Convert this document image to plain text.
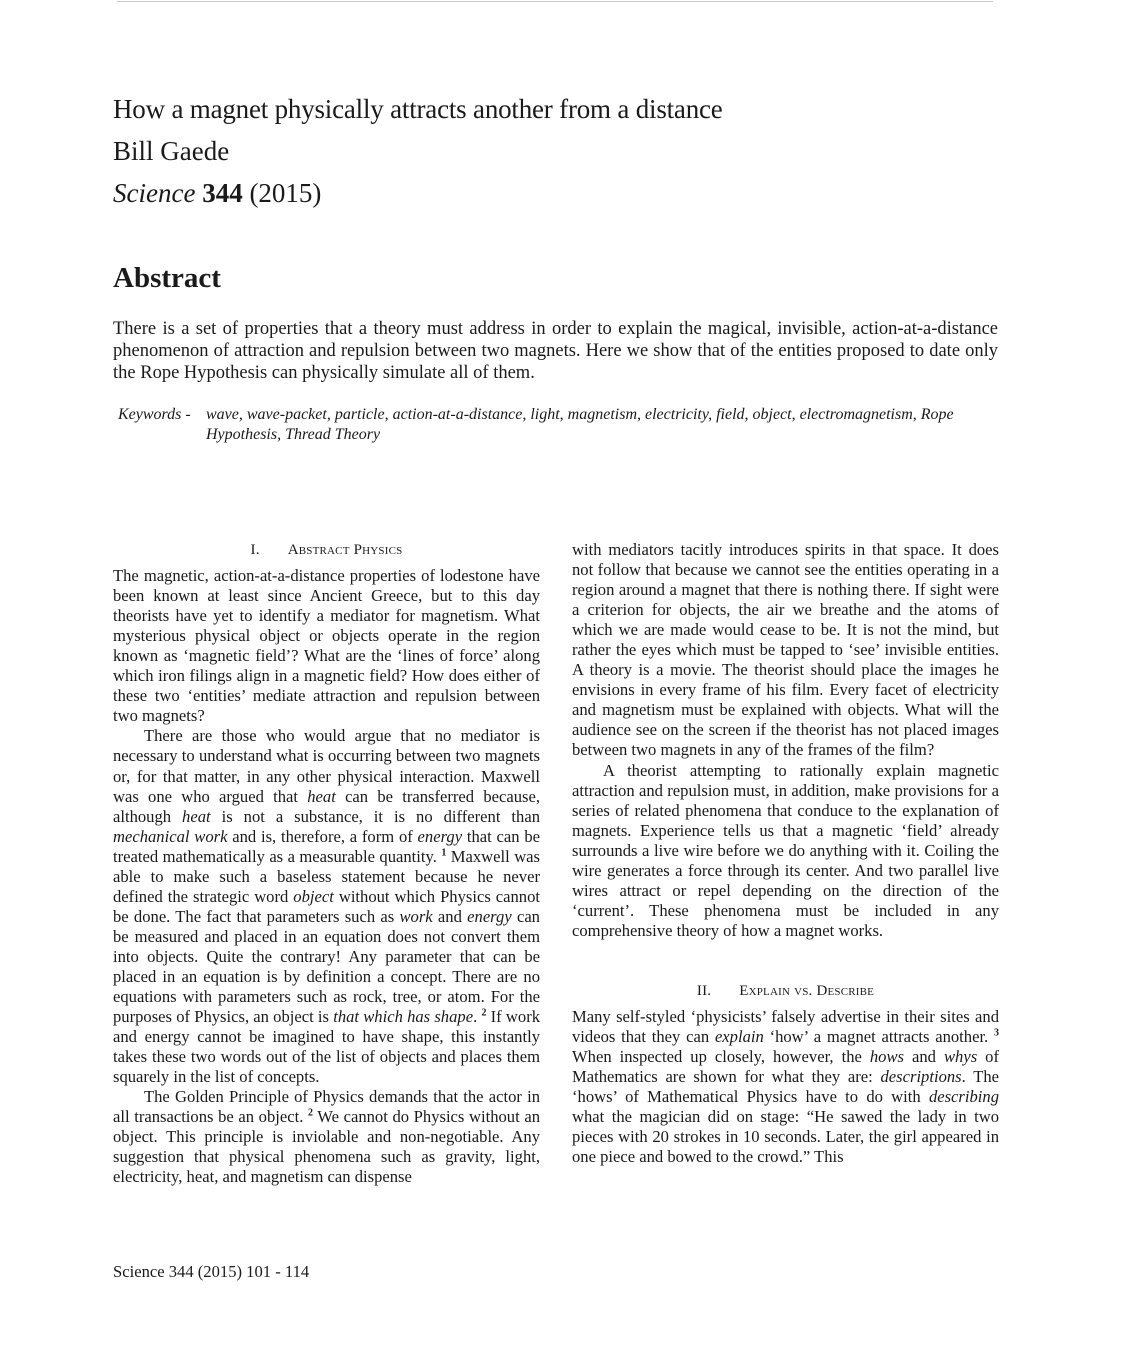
How a magnet physically attracts another from a distance
Bill Gaede
Science 344 (2015)
Abstract

There is a set of properties that a theory must address in order to explain the magical, invisible, action-at-a-distance phenomenon of attraction and repulsion between two magnets. Here we show that of the entities proposed to date only the Rope Hypothesis can physically simulate all of them.

Keywords - wave, wave-packet, particle, action-at-a-distance, light, magnetism, electricity, field, object, electromagnetism, Rope Hypothesis, Thread Theory
I. Abstract Physics

The magnetic, action-at-a-distance properties of lodestone have been known at least since Ancient Greece, but to this day theorists have yet to identify a mediator for magnetism. What mysterious physical object or objects operate in the region known as ‘magnetic field’? What are the ‘lines of force’ along which iron filings align in a magnetic field? How does either of these two ‘entities’ mediate attraction and repulsion between two magnets?

There are those who would argue that no mediator is necessary to understand what is occurring between two magnets or, for that matter, in any other physical interaction. Maxwell was one who argued that heat can be transferred because, although heat is not a substance, it is no different than mechanical work and is, therefore, a form of energy that can be treated mathematically as a measurable quantity. $^1$ Maxwell was able to make such a baseless statement because he never defined the strategic word object without which Physics cannot be done. The fact that parameters such as work and energy can be measured and placed in an equation does not convert them into objects. Quite the contrary! Any parameter that can be placed in an equation is by definition a concept. There are no equations with parameters such as rock, tree, or atom. For the purposes of Physics, an object is that which has shape. $^2$ If work and energy cannot be imagined to have shape, this instantly takes these two words out of the list of objects and places them squarely in the list of concepts.

The Golden Principle of Physics demands that the actor in all transactions be an object. $^2$ We cannot do Physics without an object. This principle is inviolable and non-negotiable. Any suggestion that physical phenomena such as gravity, light, electricity, heat, and magnetism can dispense

with mediators tacitly introduces spirits in that space. It does not follow that because we cannot see the entities operating in a region around a magnet that there is nothing there. If sight were a criterion for objects, the air we breathe and the atoms of which we are made would cease to be. It is not the mind, but rather the eyes which must be tapped to ‘see’ invisible entities. A theory is a movie. The theorist should place the images he envisions in every frame of his film. Every facet of electricity and magnetism must be explained with objects. What will the audience see on the screen if the theorist has not placed images between two magnets in any of the frames of the film?

A theorist attempting to rationally explain magnetic attraction and repulsion must, in addition, make provisions for a series of related phenomena that conduce to the explanation of magnets. Experience tells us that a magnetic ‘field’ already surrounds a live wire before we do anything with it. Coiling the wire generates a force through its center. And two parallel live wires attract or repel depending on the direction of the ‘current’. These phenomena must be included in any comprehensive theory of how a magnet works.

II. Explain vs. Describe

Many self-styled ‘physicists’ falsely advertise in their sites and videos that they can explain ‘how’ a magnet attracts another. $^3$ When inspected up closely, however, the hows and whys of Mathematics are shown for what they are: descriptions. The ‘hows’ of Mathematical Physics have to do with describing what the magician did on stage: “He sawed the lady in two pieces with 20 strokes in 10 seconds. Later, the girl appeared in one piece and bowed to the crowd.” This

Science 344 (2015) 101 - 114
